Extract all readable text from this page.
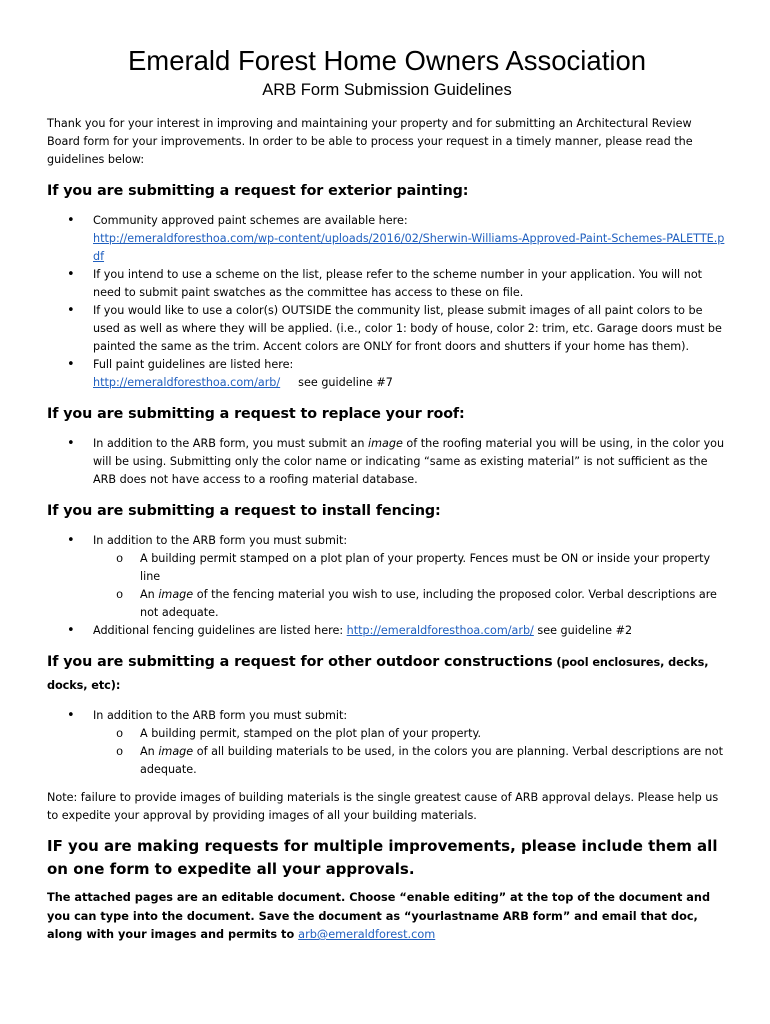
Emerald Forest Home Owners Association
ARB Form Submission Guidelines

Thank you for your interest in improving and maintaining your property and for submitting an Architectural Review Board form for your improvements. In order to be able to process your request in a timely manner, please read the guidelines below:

If you are submitting a request for exterior painting:
• Community approved paint schemes are available here:
http://emeraldforesthoa.com/wp-content/uploads/2016/02/Sherwin-Williams-Approved-Paint-Schemes-PALETTE.pdf
• If you intend to use a scheme on the list, please refer to the scheme number in your application. You will not need to submit paint swatches as the committee has access to these on file.
• If you would like to use a color(s) OUTSIDE the community list, please submit images of all paint colors to be used as well as where they will be applied. (i.e., color 1: body of house, color 2: trim, etc. Garage doors must be painted the same as the trim. Accent colors are ONLY for front doors and shutters if your home has them).
• Full paint guidelines are listed here:
http://emeraldforesthoa.com/arb/ see guideline #7
If you are submitting a request to replace your roof:
• In addition to the ARB form, you must submit an image of the roofing material you will be using, in the color you will be using. Submitting only the color name or indicating “same as existing material” is not sufficient as the ARB does not have access to a roofing material database.
If you are submitting a request to install fencing:
• In addition to the ARB form you must submit:
o A building permit stamped on a plot plan of your property. Fences must be ON or inside your property line
o An image of the fencing material you wish to use, including the proposed color. Verbal descriptions are not adequate.
• Additional fencing guidelines are listed here: http://emeraldforesthoa.com/arb/ see guideline #2
If you are submitting a request for other outdoor constructions (pool enclosures, decks, docks, etc):
• In addition to the ARB form you must submit:
o A building permit, stamped on the plot plan of your property.
o An image of all building materials to be used, in the colors you are planning. Verbal descriptions are not adequate.

Note: failure to provide images of building materials is the single greatest cause of ARB approval delays. Please help us to expedite your approval by providing images of all your building materials.

IF you are making requests for multiple improvements, please include them all on one form to expedite all your approvals.

The attached pages are an editable document. Choose “enable editing” at the top of the document and you can type into the document. Save the document as “yourlastname ARB form” and email that doc, along with your images and permits to arb@emeraldforest.com
